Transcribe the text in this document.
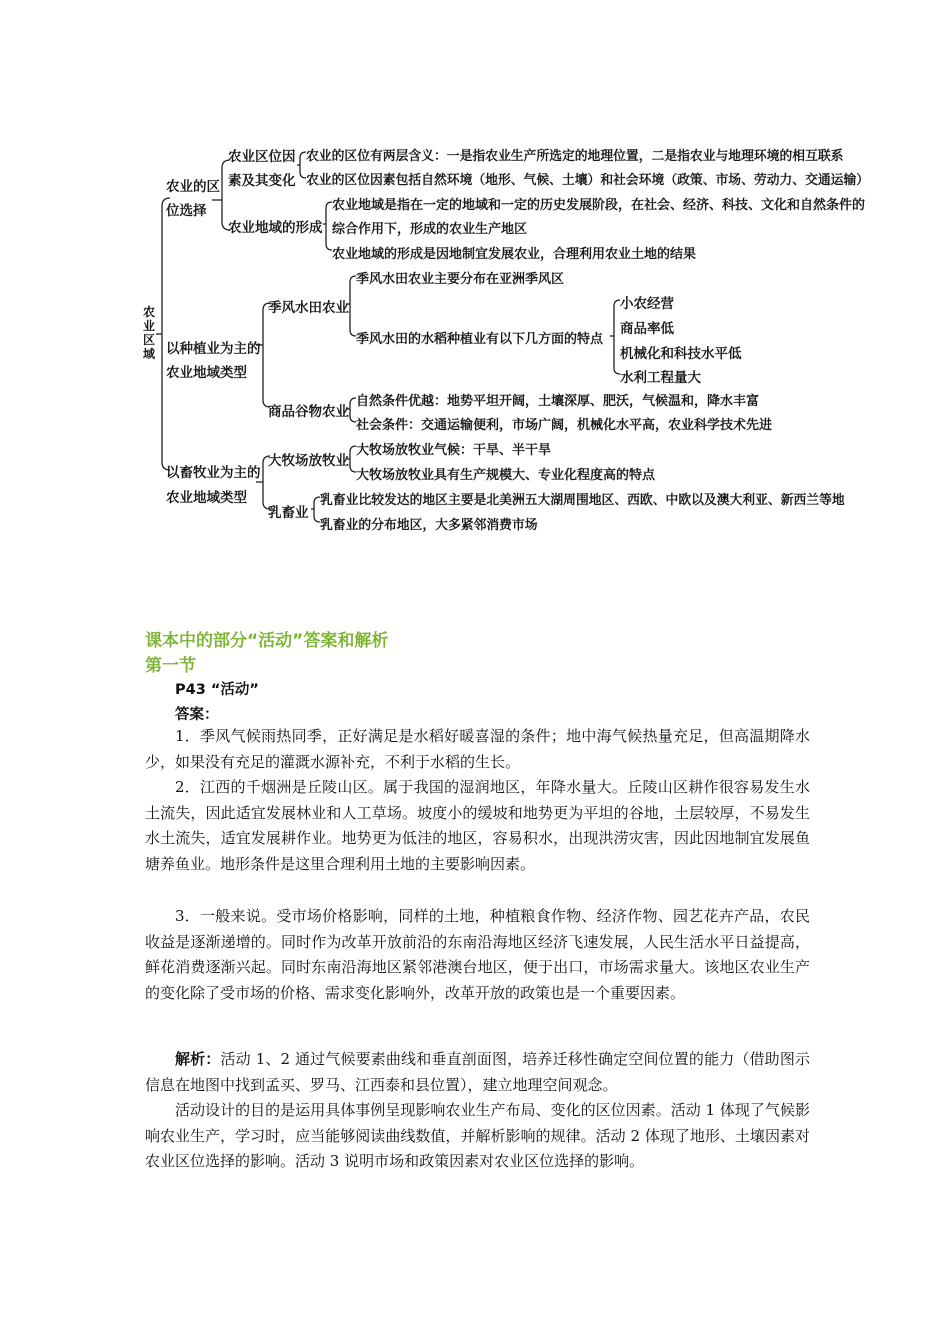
农业区域
农业的区
位选择
农业区位因
素及其变化
农业的区位有两层含义：一是指农业生产所选定的地理位置，二是指农业与地理环境的相互联系
农业的区位因素包括自然环境（地形、气候、土壤）和社会环境（政策、市场、劳动力、交通运输）
农业地域的形成
农业地域是指在一定的地域和一定的历史发展阶段，在社会、经济、科技、文化和自然条件的
综合作用下，形成的农业生产地区
农业地域的形成是因地制宜发展农业，合理利用农业土地的结果
以种植业为主的
农业地域类型
季风水田农业
季风水田农业主要分布在亚洲季风区
季风水田的水稻种植业有以下几方面的特点
小农经营
商品率低
机械化和科技水平低
水利工程量大
商品谷物农业
自然条件优越：地势平坦开阔，土壤深厚、肥沃，气候温和，降水丰富
社会条件：交通运输便利，市场广阔，机械化水平高，农业科学技术先进
以畜牧业为主的
农业地域类型
大牧场放牧业
大牧场放牧业气候：干旱、半干旱
大牧场放牧业具有生产规模大、专业化程度高的特点
乳畜业
乳畜业比较发达的地区主要是北美洲五大湖周围地区、西欧、中欧以及澳大利亚、新西兰等地
乳畜业的分布地区，大多紧邻消费市场
课本中的部分“活动”答案和解析
第一节
P43 “活动”
答案：
1．季风气候雨热同季，正好满足是水稻好暖喜湿的条件；地中海气候热量充足，但高温期降水少，如果没有充足的灌溉水源补充，不利于水稻的生长。
2．江西的千烟洲是丘陵山区。属于我国的湿润地区，年降水量大。丘陵山区耕作很容易发生水土流失，因此适宜发展林业和人工草场。坡度小的缓坡和地势更为平坦的谷地，土层较厚，不易发生水土流失，适宜发展耕作业。地势更为低洼的地区，容易积水，出现洪涝灾害，因此因地制宜发展鱼塘养鱼业。地形条件是这里合理利用土地的主要影响因素。
3．一般来说。受市场价格影响，同样的土地，种植粮食作物、经济作物、园艺花卉产品，农民收益是逐渐递增的。同时作为改革开放前沿的东南沿海地区经济飞速发展，人民生活水平日益提高，鲜花消费逐渐兴起。同时东南沿海地区紧邻港澳台地区，便于出口，市场需求量大。该地区农业生产的变化除了受市场的价格、需求变化影响外，改革开放的政策也是一个重要因素。
解析：活动 1、2 通过气候要素曲线和垂直剖面图，培养迁移性确定空间位置的能力（借助图示信息在地图中找到孟买、罗马、江西泰和县位置），建立地理空间观念。
活动设计的目的是运用具体事例呈现影响农业生产布局、变化的区位因素。活动 1 体现了气候影响农业生产，学习时，应当能够阅读曲线数值，并解析影响的规律。活动 2 体现了地形、土壤因素对农业区位选择的影响。活动 3 说明市场和政策因素对农业区位选择的影响。
